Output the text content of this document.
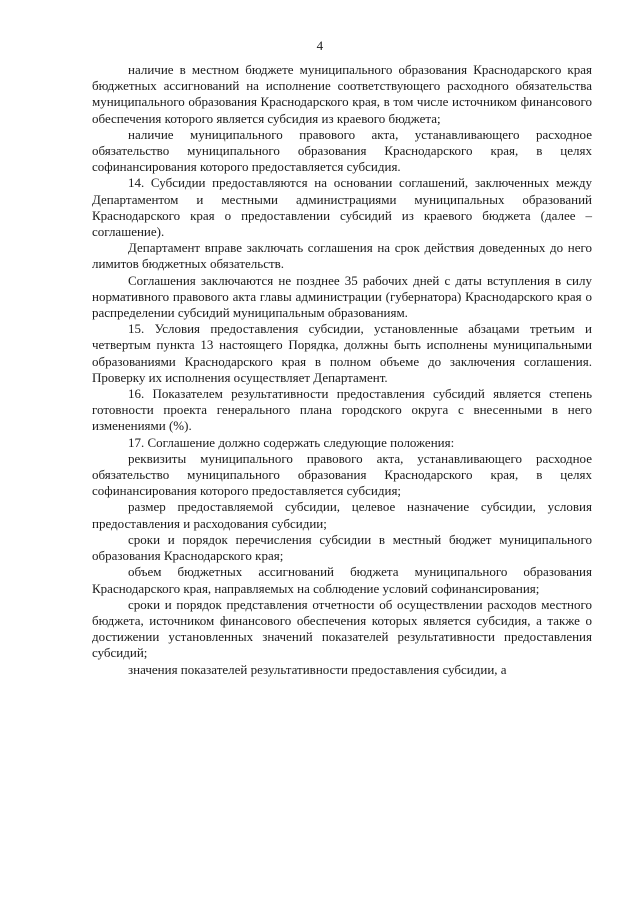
4

наличие в местном бюджете муниципального образования Краснодарского края бюджетных ассигнований на исполнение соответствующего расходного обязательства муниципального образования Краснодарского края, в том числе источником финансового обеспечения которого является субсидия из краевого бюджета;

наличие муниципального правового акта, устанавливающего расходное обязательство муниципального образования Краснодарского края, в целях софинансирования которого предоставляется субсидия.

14. Субсидии предоставляются на основании соглашений, заключенных между Департаментом и местными администрациями муниципальных образований Краснодарского края о предоставлении субсидий из краевого бюджета (далее – соглашение).

Департамент вправе заключать соглашения на срок действия доведенных до него лимитов бюджетных обязательств.

Соглашения заключаются не позднее 35 рабочих дней с даты вступления в силу нормативного правового акта главы администрации (губернатора) Краснодарского края о распределении субсидий муниципальным образованиям.

15. Условия предоставления субсидии, установленные абзацами третьим и четвертым пункта 13 настоящего Порядка, должны быть исполнены муниципальными образованиями Краснодарского края в полном объеме до заключения соглашения. Проверку их исполнения осуществляет Департамент.

16. Показателем результативности предоставления субсидий является степень готовности проекта генерального плана городского округа с внесенными в него изменениями (%).

17. Соглашение должно содержать следующие положения:

реквизиты муниципального правового акта, устанавливающего расходное обязательство муниципального образования Краснодарского края, в целях софинансирования которого предоставляется субсидия;

размер предоставляемой субсидии, целевое назначение субсидии, условия предоставления и расходования субсидии;

сроки и порядок перечисления субсидии в местный бюджет муниципального образования Краснодарского края;

объем бюджетных ассигнований бюджета муниципального образования Краснодарского края, направляемых на соблюдение условий софинансирования;

сроки и порядок представления отчетности об осуществлении расходов местного бюджета, источником финансового обеспечения которых является субсидия, а также о достижении установленных значений показателей результативности предоставления субсидий;

значения показателей результативности предоставления субсидии, а
